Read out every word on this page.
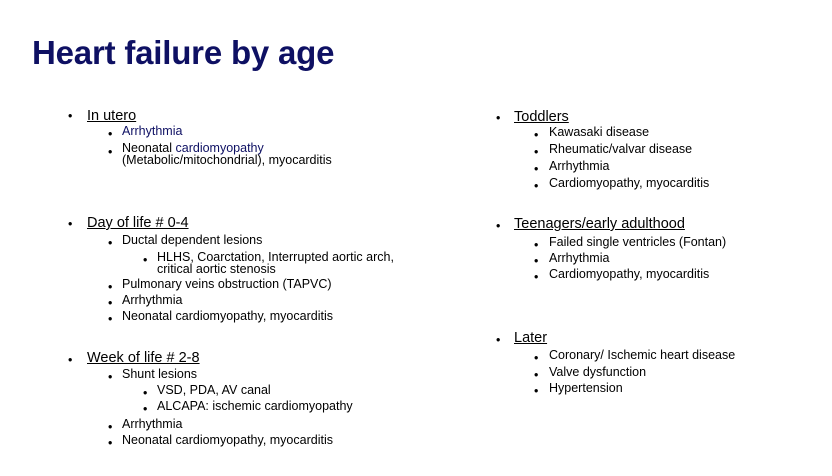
Heart failure by age
• In utero
• Arrhythmia
• Neonatal cardiomyopathy
(Metabolic/mitochondrial), myocarditis
• Day of life # 0-4
• Ductal dependent lesions
• HLHS, Coarctation, Interrupted aortic arch,
critical aortic stenosis
• Pulmonary veins obstruction (TAPVC)
• Arrhythmia
• Neonatal cardiomyopathy, myocarditis
• Week of life # 2-8
• Shunt lesions
• VSD, PDA, AV canal
• ALCAPA: ischemic cardiomyopathy
• Arrhythmia
• Neonatal cardiomyopathy, myocarditis
• Toddlers
• Kawasaki disease
• Rheumatic/valvar disease
• Arrhythmia
• Cardiomyopathy, myocarditis
• Teenagers/early adulthood
• Failed single ventricles (Fontan)
• Arrhythmia
• Cardiomyopathy, myocarditis
• Later
• Coronary/ Ischemic heart disease
• Valve dysfunction
• Hypertension
